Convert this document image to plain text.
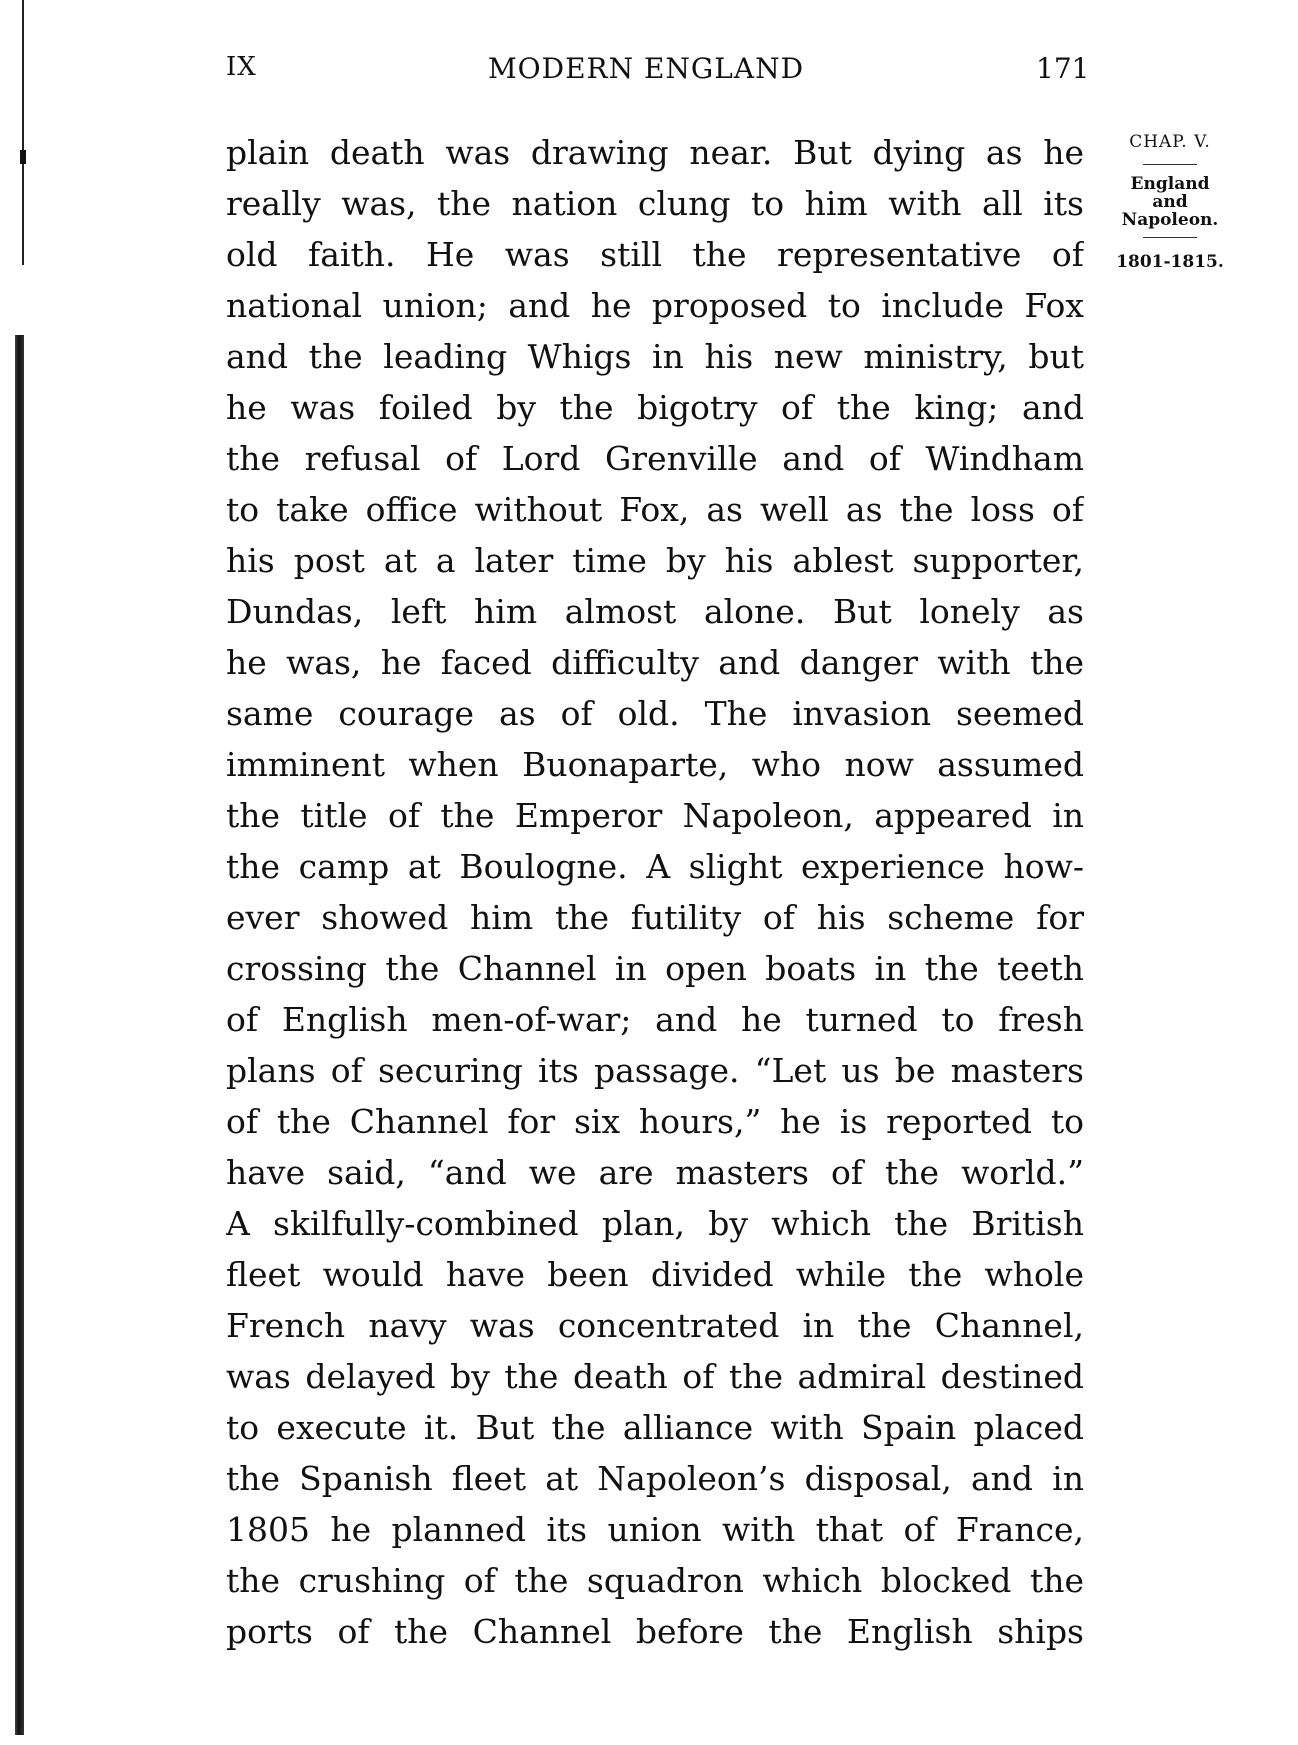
IX	MODERN ENGLAND	171
plain death was drawing near. But dying as he
really was, the nation clung to him with all its
old faith. He was still the representative of
national union; and he proposed to include Fox
and the leading Whigs in his new ministry, but
he was foiled by the bigotry of the king; and
the refusal of Lord Grenville and of Windham
to take office without Fox, as well as the loss of
his post at a later time by his ablest supporter,
Dundas, left him almost alone. But lonely as
he was, he faced difficulty and danger with the
same courage as of old. The invasion seemed
imminent when Buonaparte, who now assumed
the title of the Emperor Napoleon, appeared in
the camp at Boulogne. A slight experience how-
ever showed him the futility of his scheme for
crossing the Channel in open boats in the teeth
of English men-of-war; and he turned to fresh
plans of securing its passage. “Let us be masters
of the Channel for six hours,” he is reported to
have said, “and we are masters of the world.”
A skilfully-combined plan, by which the British
fleet would have been divided while the whole
French navy was concentrated in the Channel,
was delayed by the death of the admiral destined
to execute it. But the alliance with Spain placed
the Spanish fleet at Napoleon’s disposal, and in
1805 he planned its union with that of France,
the crushing of the squadron which blocked the
ports of the Channel before the English ships
CHAP. V.
England
and
Napoleon.
1801-1815.
